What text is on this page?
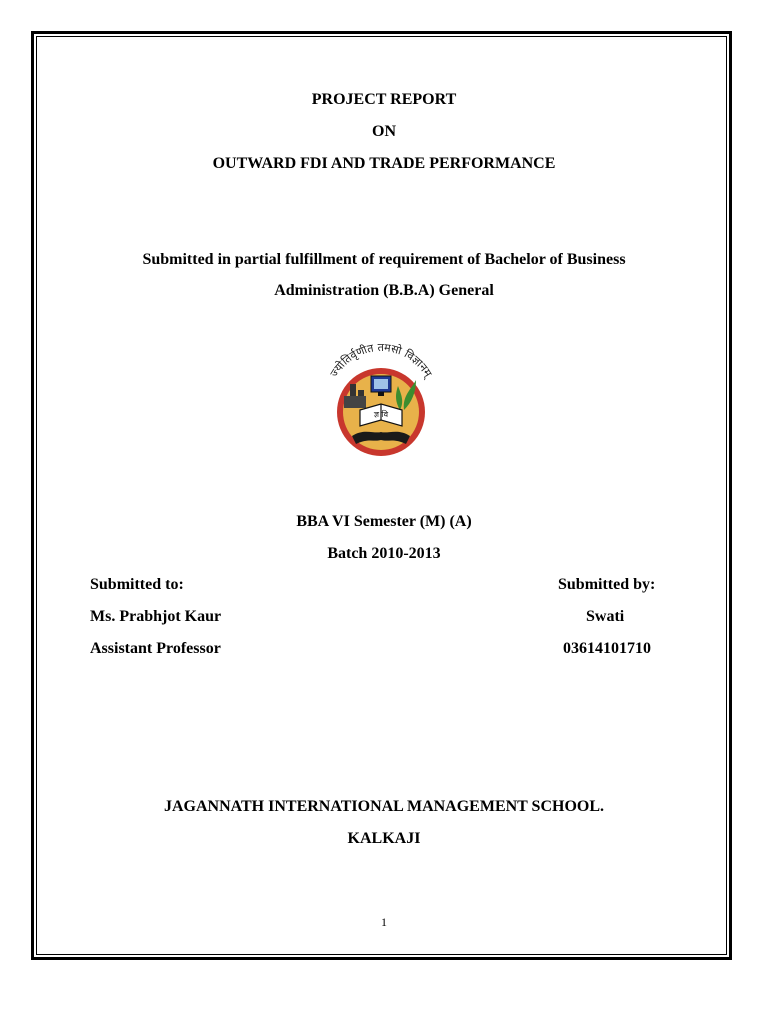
PROJECT REPORT
ON
OUTWARD FDI AND TRADE PERFORMANCE
Submitted in partial fulfillment of requirement of Bachelor of Business
Administration (B.B.A) General
ज्योतिर्वृणीत तमसो विज्ञानम्
ज्ञ वि
BBA VI Semester (M) (A)
Batch 2010-2013
Submitted to:
Ms. Prabhjot Kaur
Assistant Professor
Submitted by:
Swati
03614101710
JAGANNATH INTERNATIONAL MANAGEMENT SCHOOL.
KALKAJI
1
